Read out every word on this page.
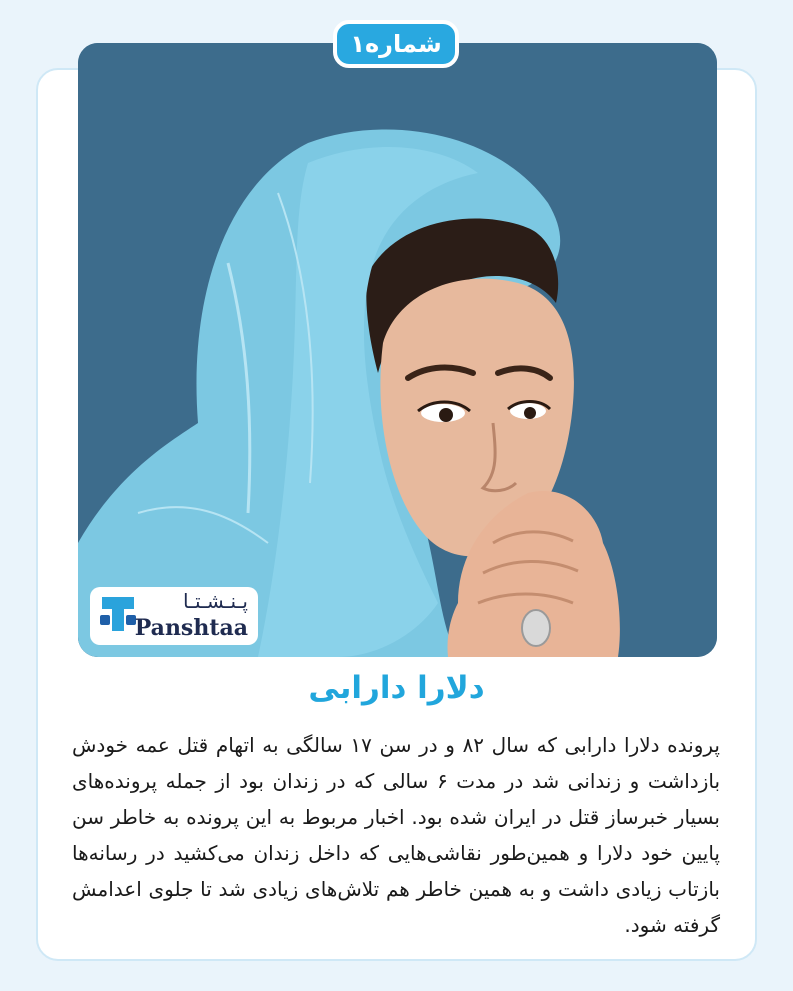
شماره۱
پـنـشـتـا
Panshtaa
دلارا دارابی
پرونده دلارا دارابی که سال ۸۲ و در سن ۱۷ سالگی به اتهام قتل عمه خودش بازداشت و زندانی شد در مدت ۶ سالی که در زندان بود از جمله پرونده‌های بسیار خبرساز قتل در ایران شده بود. اخبار مربوط به این پرونده به خاطر سن پایین خود دلارا و همین‌طور نقاشی‌هایی که داخل زندان می‌کشید در رسانه‌ها بازتاب زیادی داشت و به همین خاطر هم تلاش‌های زیادی شد تا جلوی اعدامش گرفته شود.
